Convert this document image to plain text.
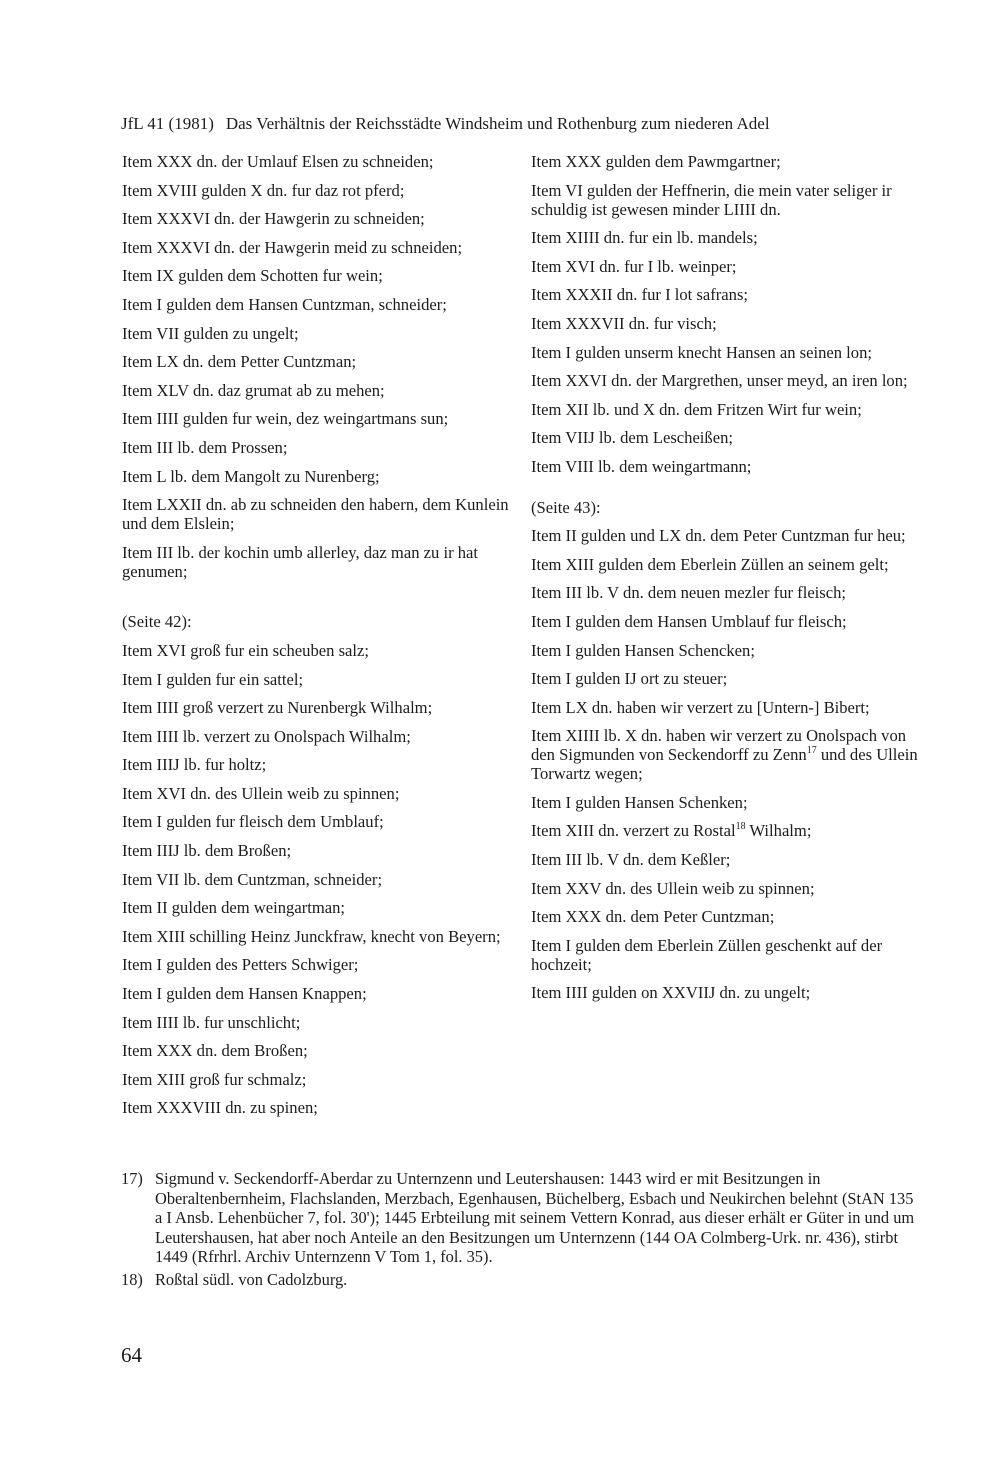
JfL 41 (1981) Das Verhältnis der Reichsstädte Windsheim und Rothenburg zum niederen Adel

Item XXX dn. der Umlauf Elsen zu schneiden;

Item XVIII gulden X dn. fur daz rot pferd;

Item XXXVI dn. der Hawgerin zu schneiden;

Item XXXVI dn. der Hawgerin meid zu schneiden;

Item IX gulden dem Schotten fur wein;

Item I gulden dem Hansen Cuntzman, schneider;

Item VII gulden zu ungelt;

Item LX dn. dem Petter Cuntzman;

Item XLV dn. daz grumat ab zu mehen;

Item IIII gulden fur wein, dez weingartmans sun;

Item III lb. dem Prossen;

Item L lb. dem Mangolt zu Nurenberg;

Item LXXII dn. ab zu schneiden den habern, dem Kunlein und dem Elslein;

Item III lb. der kochin umb allerley, daz man zu ir hat genumen;

(Seite 42):

Item XVI groß fur ein scheuben salz;

Item I gulden fur ein sattel;

Item IIII groß verzert zu Nurenbergk Wilhalm;

Item IIII lb. verzert zu Onolspach Wilhalm;

Item IIIJ lb. fur holtz;

Item XVI dn. des Ullein weib zu spinnen;

Item I gulden fur fleisch dem Umblauf;

Item IIIJ lb. dem Broßen;

Item VII lb. dem Cuntzman, schneider;

Item II gulden dem weingartman;

Item XIII schilling Heinz Junckfraw, knecht von Beyern;

Item I gulden des Petters Schwiger;

Item I gulden dem Hansen Knappen;

Item IIII lb. fur unschlicht;

Item XXX dn. dem Broßen;

Item XIII groß fur schmalz;

Item XXXVIII dn. zu spinen;

Item XXX gulden dem Pawmgartner;

Item VI gulden der Heffnerin, die mein vater seliger ir schuldig ist gewesen minder LIIII dn.

Item XIIII dn. fur ein lb. mandels;

Item XVI dn. fur I lb. weinper;

Item XXXII dn. fur I lot safrans;

Item XXXVII dn. fur visch;

Item I gulden unserm knecht Hansen an seinen lon;

Item XXVI dn. der Margrethen, unser meyd, an iren lon;

Item XII lb. und X dn. dem Fritzen Wirt fur wein;

Item VIIJ lb. dem Lescheißen;

Item VIII lb. dem weingartmann;

(Seite 43):

Item II gulden und LX dn. dem Peter Cuntzman fur heu;

Item XIII gulden dem Eberlein Züllen an seinem gelt;

Item III lb. V dn. dem neuen mezler fur fleisch;

Item I gulden dem Hansen Umblauf fur fleisch;

Item I gulden Hansen Schencken;

Item I gulden IJ ort zu steuer;

Item LX dn. haben wir verzert zu [Untern-] Bibert;

Item XIIII lb. X dn. haben wir verzert zu Onolspach von den Sigmunden von Seckendorff zu Zenn$^{17}$ und des Ullein Torwartz wegen;

Item I gulden Hansen Schenken;

Item XIII dn. verzert zu Rostal$^{18}$ Wilhalm;

Item III lb. V dn. dem Keßler;

Item XXV dn. des Ullein weib zu spinnen;

Item XXX dn. dem Peter Cuntzman;

Item I gulden dem Eberlein Züllen geschenkt auf der hochzeit;

Item IIII gulden on XXVIIJ dn. zu ungelt;

17) Sigmund v. Seckendorff-Aberdar zu Unternzenn und Leutershausen: 1443 wird er mit Besitzungen in Oberaltenbernheim, Flachslanden, Merzbach, Egenhausen, Büchelberg, Esbach und Neukirchen belehnt (StAN 135 a I Ansb. Lehenbücher 7, fol. 30'); 1445 Erbteilung mit seinem Vettern Konrad, aus dieser erhält er Güter in und um Leutershausen, hat aber noch Anteile an den Besitzungen um Unternzenn (144 OA Colmberg-Urk. nr. 436), stirbt 1449 (Rfrhrl. Archiv Unternzenn V Tom 1, fol. 35).
18) Roßtal südl. von Cadolzburg.
64
